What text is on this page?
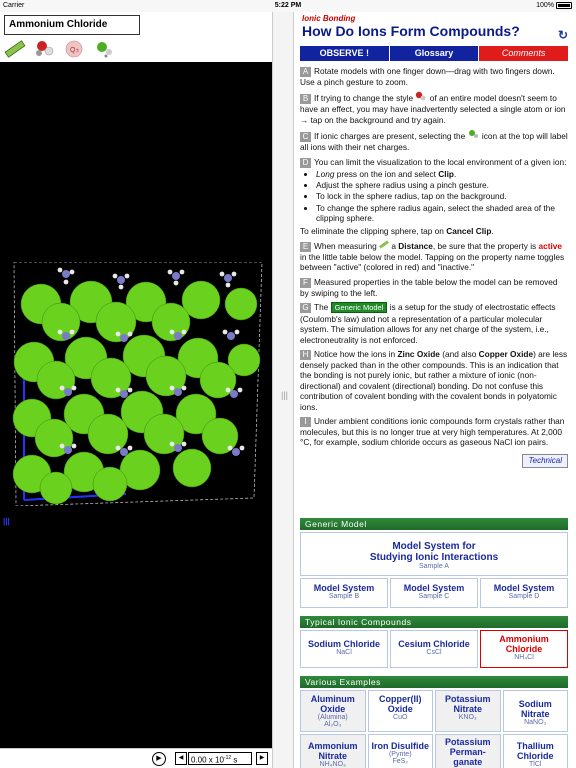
Carrier	5:22 PM	100%
Ammonium Chloride
Q ±
|||
▶	◀ 0.00 x $10^{-12}$ s	▶
|||
Ionic Bonding
How Do Ions Form Compounds?	↻
OBSERVE !	Glossary	Comments

A Rotate models with one finger down—drag with two fingers down. Use a pinch gesture to zoom.

B If trying to change the style of an entire model doesn't seem to have an effect, you may have inadvertently selected a single atom or ion → tap on the background and try again.

C If ionic charges are present, selecting the icon at the top will label all ions with their net charges.

D You can limit the visualization to the local environment of a given ion:
• Long press on the ion and select Clip.
• Adjust the sphere radius using a pinch gesture.
• To lock in the sphere radius, tap on the background.
• To change the sphere radius again, select the shaded area of the clipping sphere.
To eliminate the clipping sphere, tap on Cancel Clip.

E When measuring a Distance, be sure that the property is active in the little table below the model. Tapping on the property name toggles between "active" (colored in red) and "inactive."

F Measured properties in the table below the model can be removed by swiping to the left.

G The Generic Model is a setup for the study of electrostatic effects (Coulomb's law) and not a representation of a particular molecular system. The simulation allows for any net charge of the system, i.e., electroneutrality is not enforced.

H Notice how the ions in Zinc Oxide (and also Copper Oxide) are less densely packed than in the other compounds. This is an indication that the bonding is not purely ionic, but rather a mixture of ionic (non-directional) and covalent (directional) bonding. Do not confuse this contribution of covalent bonding with the covalent bonds in polyatomic ions.

I Under ambient conditions ionic compounds form crystals rather than molecules, but this is no longer true at very high temperatures. At 2,000 °C, for example, sodium chloride occurs as gaseous NaCl ion pairs.

Technical
Generic Model
Model System for
Studying Ionic Interactions
Sample A
Model System
Sample B
Model System
Sample C
Model System
Sample D
Typical Ionic Compounds
Sodium Chloride
NaCl
Cesium Chloride
CsCl
Ammonium Chloride
NH₄Cl
Various Examples
Aluminum Oxide
(Alumina)
Al₂O₃
Copper(II) Oxide
CuO
Potassium Nitrate
KNO₃
Sodium Nitrate
NaNO₃
Ammonium Nitrate
NH₄NO₃
Iron Disulfide
(Pyrite)
FeS₂
Potassium Perman-ganate
Thallium Chloride
TlCl
